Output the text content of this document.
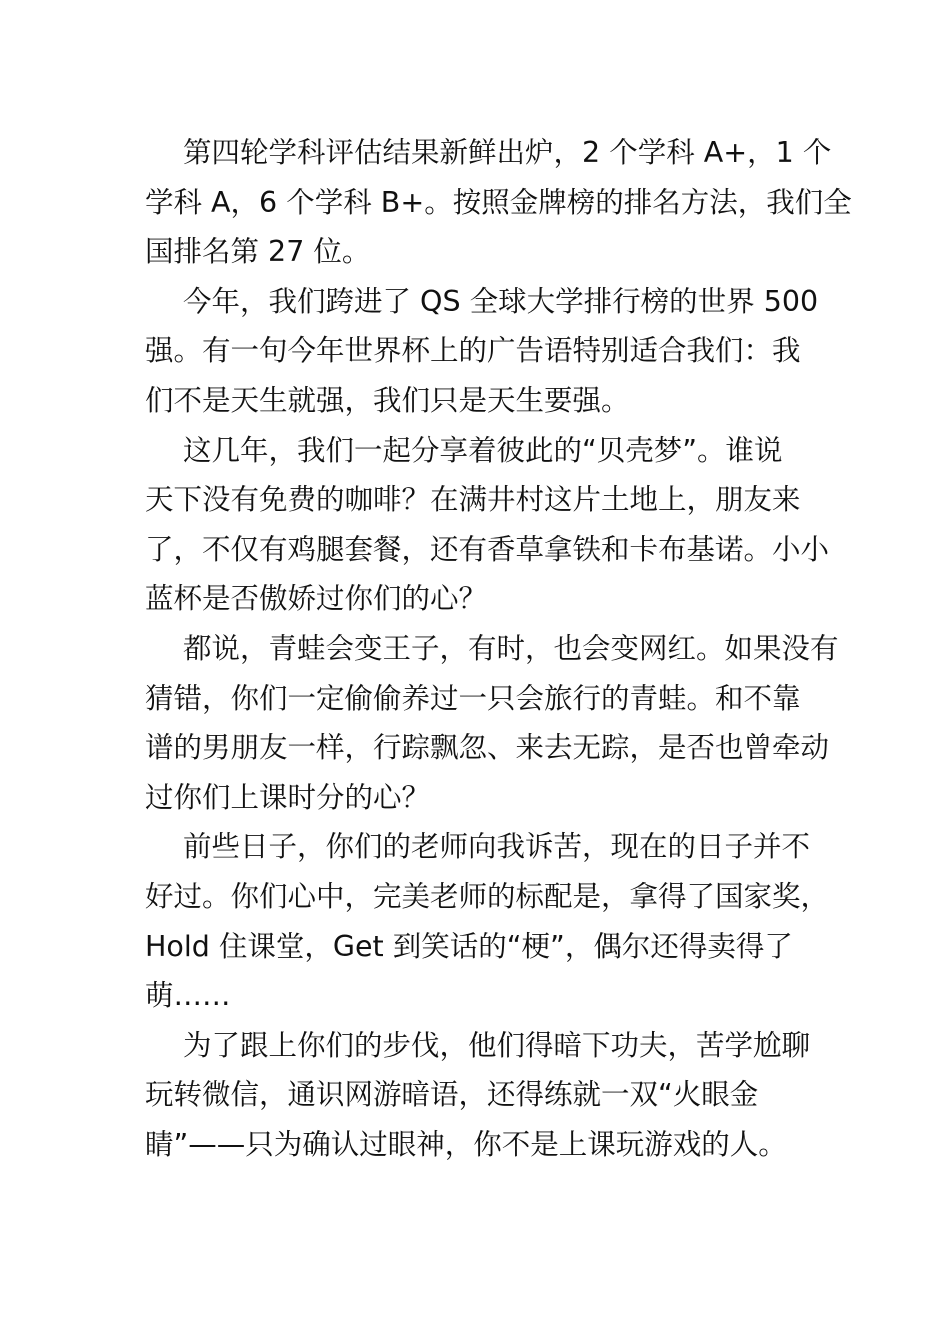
第四轮学科评估结果新鲜出炉，2 个学科 A+，1 个
学科 A，6 个学科 B+。按照金牌榜的排名方法，我们全
国排名第 27 位。
今年，我们跨进了 QS 全球大学排行榜的世界 500
强。有一句今年世界杯上的广告语特别适合我们：我
们不是天生就强，我们只是天生要强。
这几年，我们一起分享着彼此的“贝壳梦”。谁说
天下没有免费的咖啡？在满井村这片土地上，朋友来
了，不仅有鸡腿套餐，还有香草拿铁和卡布基诺。小小
蓝杯是否傲娇过你们的心？
都说，青蛙会变王子，有时，也会变网红。如果没有
猜错，你们一定偷偷养过一只会旅行的青蛙。和不靠
谱的男朋友一样，行踪飘忽、来去无踪，是否也曾牵动
过你们上课时分的心？
前些日子，你们的老师向我诉苦，现在的日子并不
好过。你们心中，完美老师的标配是，拿得了国家奖，
Hold 住课堂，Get 到笑话的“梗”，偶尔还得卖得了
萌……
为了跟上你们的步伐，他们得暗下功夫，苦学尬聊
玩转微信，通识网游暗语，还得练就一双“火眼金
睛”——只为确认过眼神，你不是上课玩游戏的人。
